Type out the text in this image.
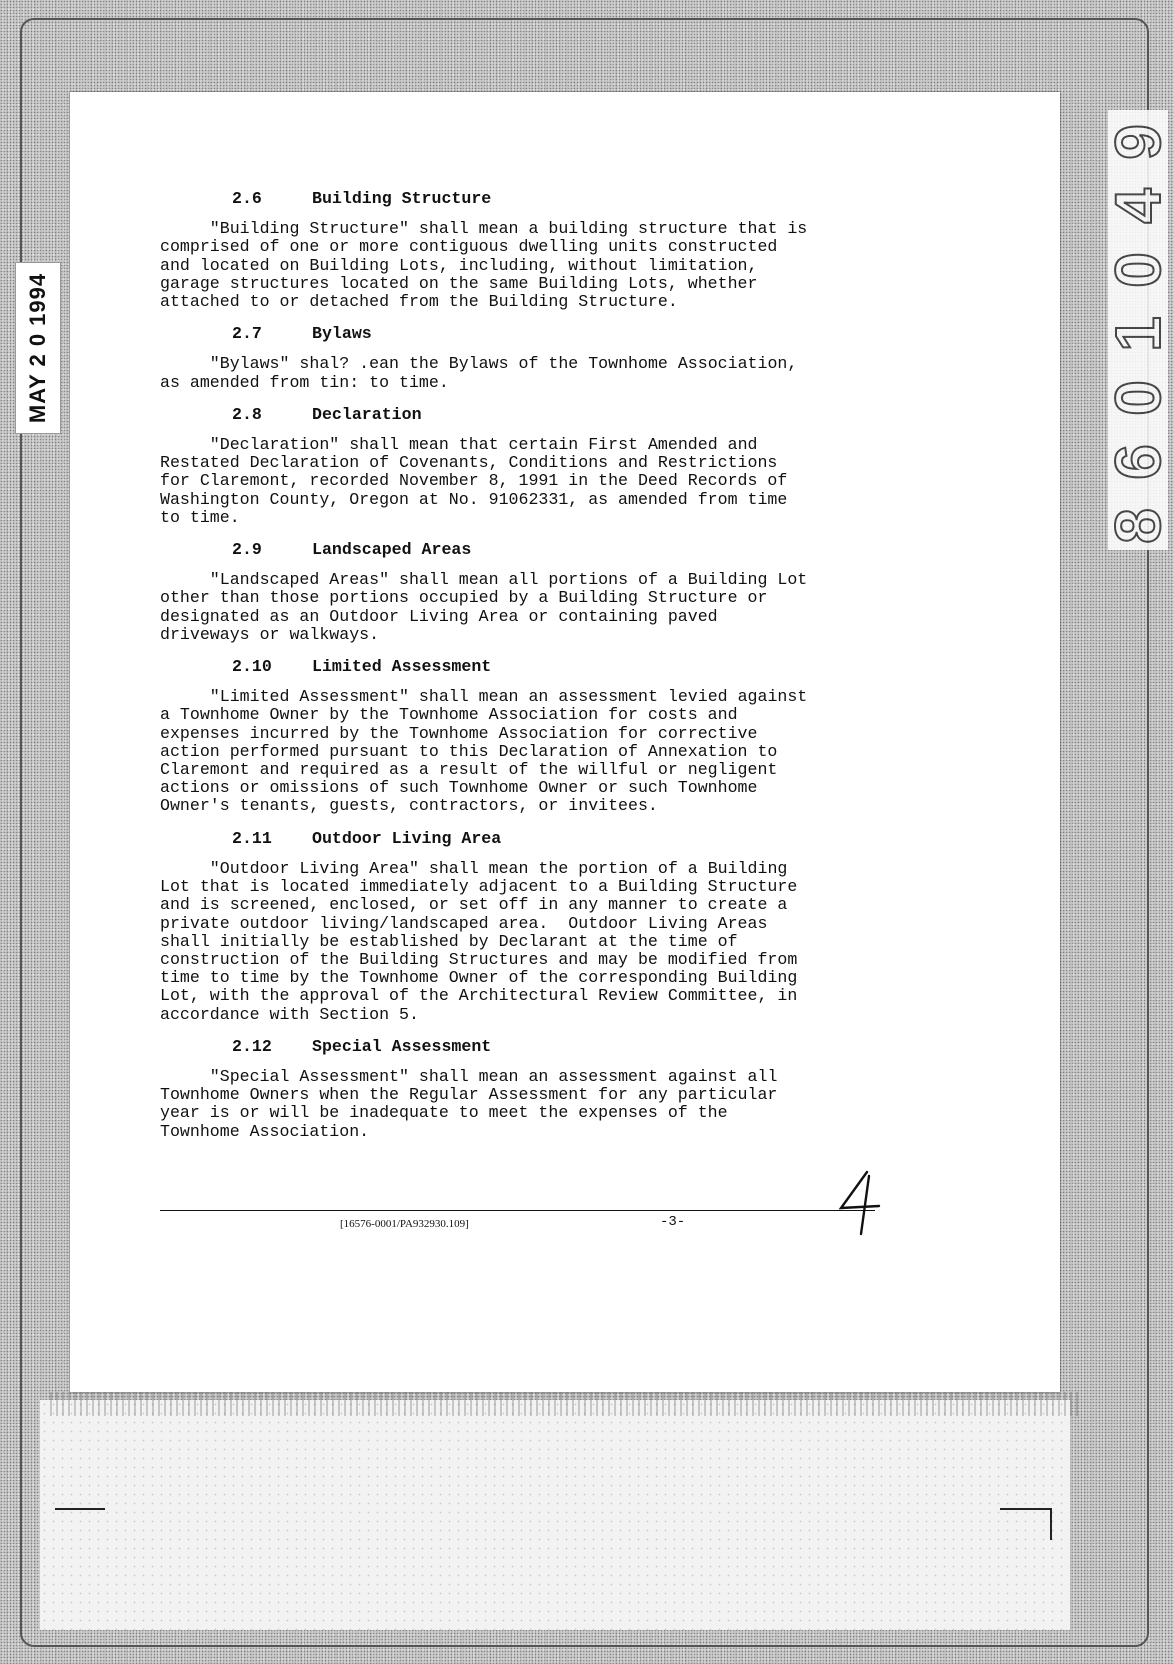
MAY 2 0 1994
9
4
0
1
0
6
8
2.6	Building Structure
"Building Structure" shall mean a building structure that is
comprised of one or more contiguous dwelling units constructed
and located on Building Lots, including, without limitation,
garage structures located on the same Building Lots, whether
attached to or detached from the Building Structure.
2.7	Bylaws
"Bylaws" shal? .ean the Bylaws of the Townhome Association,
as amended from tin: to time.
2.8	Declaration
"Declaration" shall mean that certain First Amended and
Restated Declaration of Covenants, Conditions and Restrictions
for Claremont, recorded November 8, 1991 in the Deed Records of
Washington County, Oregon at No. 91062331, as amended from time
to time.
2.9	Landscaped Areas
"Landscaped Areas" shall mean all portions of a Building Lot
other than those portions occupied by a Building Structure or
designated as an Outdoor Living Area or containing paved
driveways or walkways.
2.10	Limited Assessment
"Limited Assessment" shall mean an assessment levied against
a Townhome Owner by the Townhome Association for costs and
expenses incurred by the Townhome Association for corrective
action performed pursuant to this Declaration of Annexation to
Claremont and required as a result of the willful or negligent
actions or omissions of such Townhome Owner or such Townhome
Owner's tenants, guests, contractors, or invitees.
2.11	Outdoor Living Area
"Outdoor Living Area" shall mean the portion of a Building
Lot that is located immediately adjacent to a Building Structure
and is screened, enclosed, or set off in any manner to create a
private outdoor living/landscaped area.  Outdoor Living Areas
shall initially be established by Declarant at the time of
construction of the Building Structures and may be modified from
time to time by the Townhome Owner of the corresponding Building
Lot, with the approval of the Architectural Review Committee, in
accordance with Section 5.
2.12	Special Assessment
"Special Assessment" shall mean an assessment against all
Townhome Owners when the Regular Assessment for any particular
year is or will be inadequate to meet the expenses of the
Townhome Association.
[16576-0001/PA932930.109]	-3-
